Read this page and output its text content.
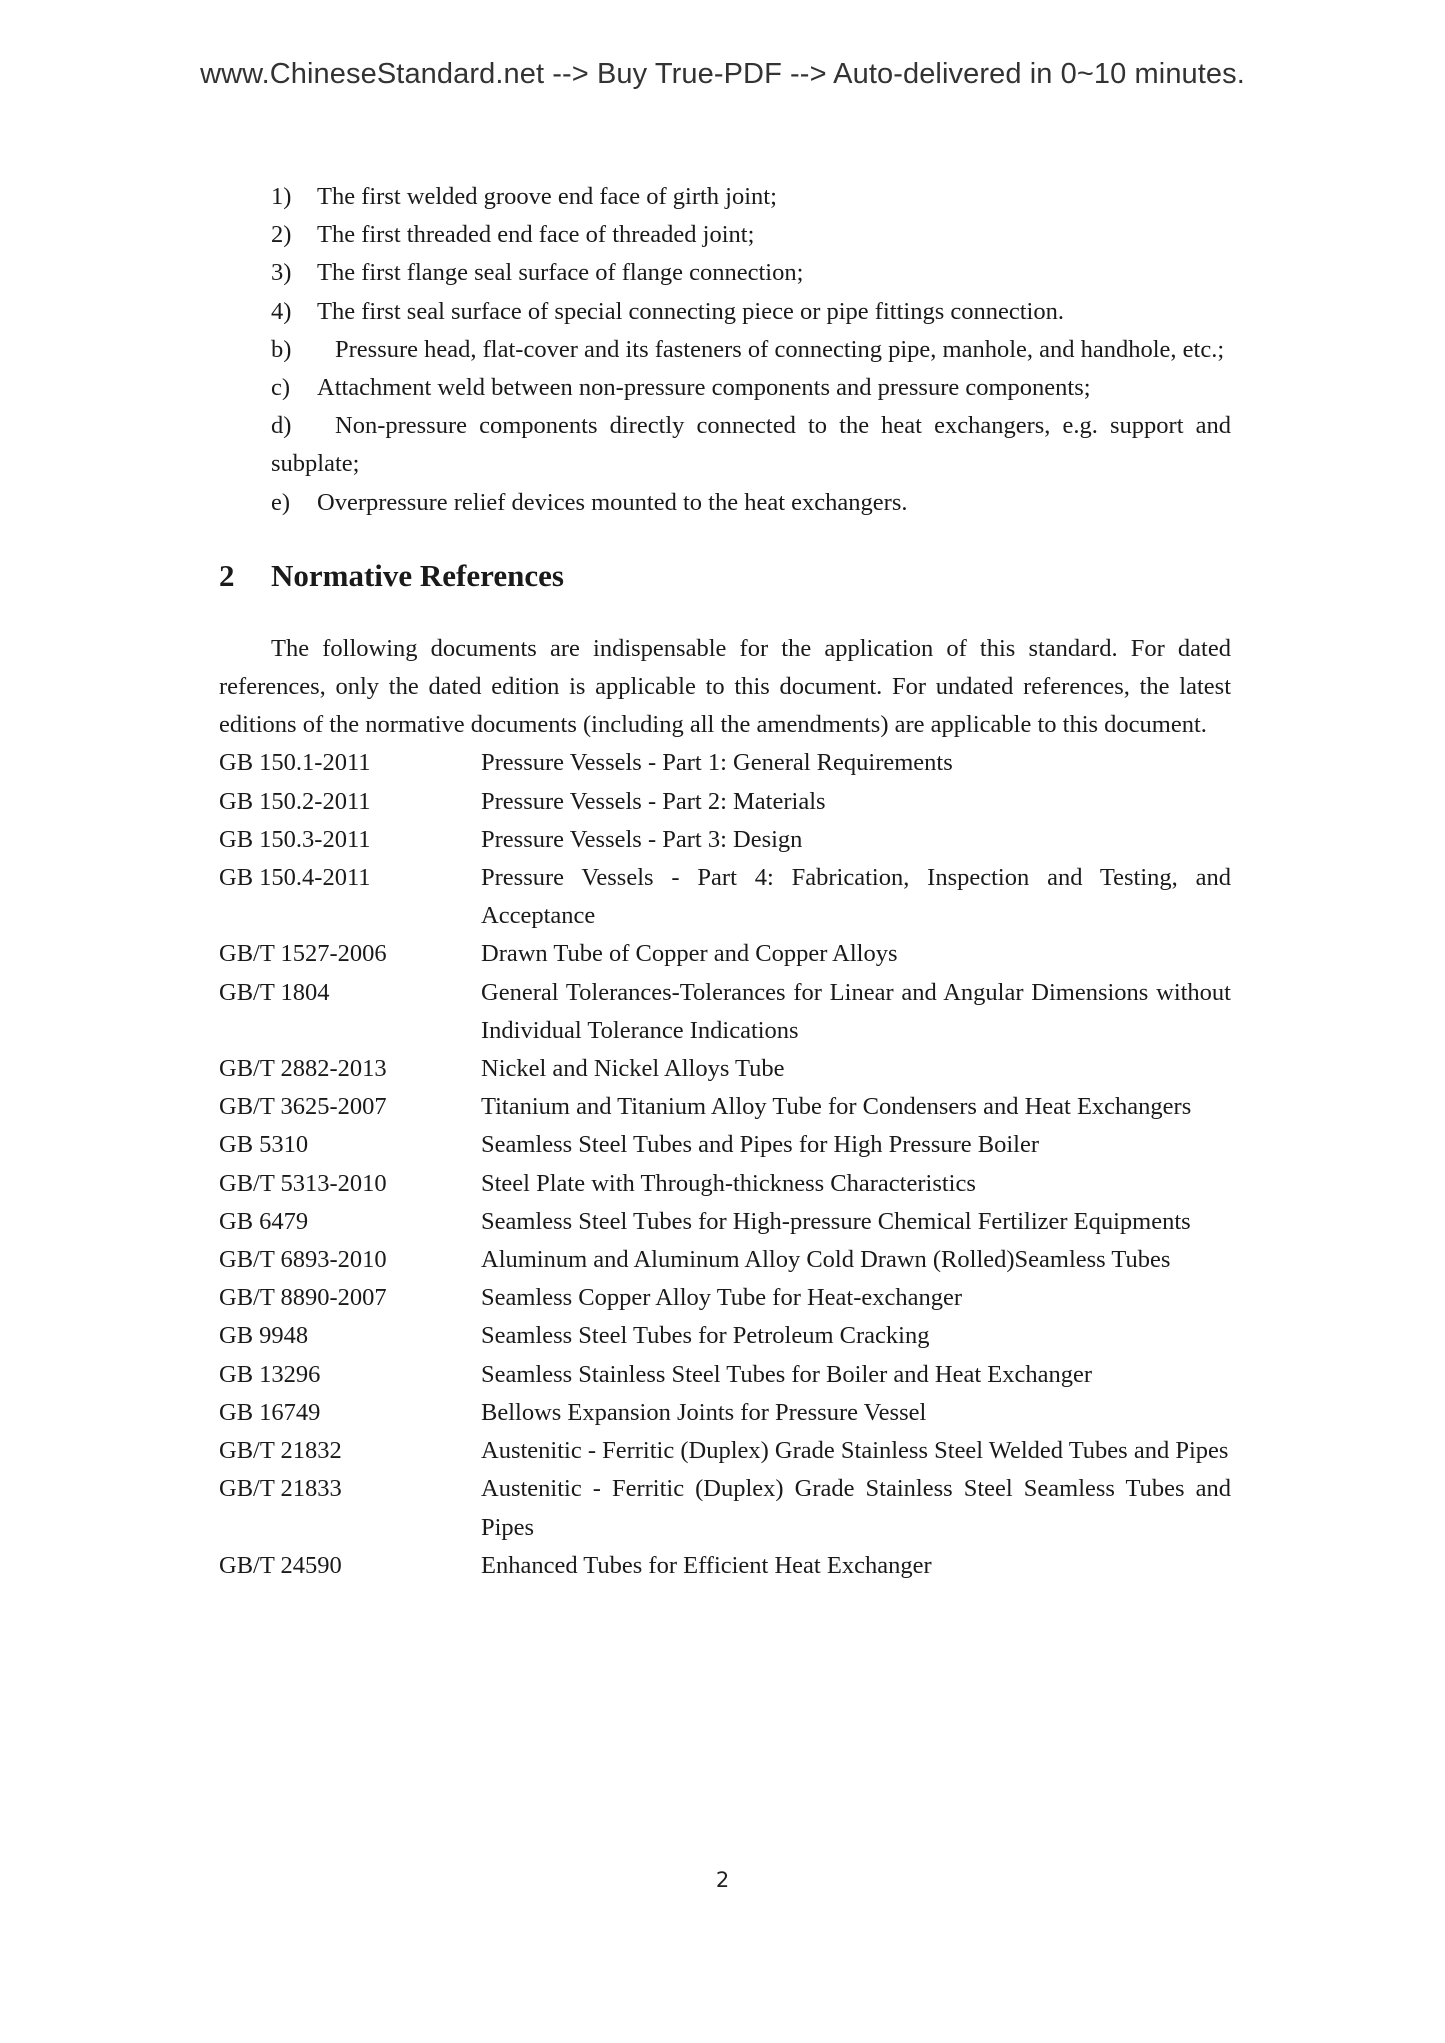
www.ChineseStandard.net --> Buy True-PDF --> Auto-delivered in 0~10 minutes.
1) The first welded groove end face of girth joint;
2) The first threaded end face of threaded joint;
3) The first flange seal surface of flange connection;
4) The first seal surface of special connecting piece or pipe fittings connection.
b) Pressure head, flat-cover and its fasteners of connecting pipe, manhole, and handhole, etc.;
c) Attachment weld between non-pressure components and pressure components;
d) Non-pressure components directly connected to the heat exchangers, e.g. support and subplate;
e) Overpressure relief devices mounted to the heat exchangers.
2 Normative References
The following documents are indispensable for the application of this standard. For dated references, only the dated edition is applicable to this document. For undated references, the latest editions of the normative documents (including all the amendments) are applicable to this document.
GB 150.1-2011	Pressure Vessels - Part 1: General Requirements
GB 150.2-2011	Pressure Vessels - Part 2: Materials
GB 150.3-2011	Pressure Vessels - Part 3: Design
GB 150.4-2011	Pressure Vessels - Part 4: Fabrication, Inspection and Testing, and Acceptance
GB/T 1527-2006	Drawn Tube of Copper and Copper Alloys
GB/T 1804	General Tolerances-Tolerances for Linear and Angular Dimensions without Individual Tolerance Indications
GB/T 2882-2013	Nickel and Nickel Alloys Tube
GB/T 3625-2007	Titanium and Titanium Alloy Tube for Condensers and Heat Exchangers
GB 5310	Seamless Steel Tubes and Pipes for High Pressure Boiler
GB/T 5313-2010	Steel Plate with Through-thickness Characteristics
GB 6479	Seamless Steel Tubes for High-pressure Chemical Fertilizer Equipments
GB/T 6893-2010	Aluminum and Aluminum Alloy Cold Drawn (Rolled)Seamless Tubes
GB/T 8890-2007	Seamless Copper Alloy Tube for Heat-exchanger
GB 9948	Seamless Steel Tubes for Petroleum Cracking
GB 13296	Seamless Stainless Steel Tubes for Boiler and Heat Exchanger
GB 16749	Bellows Expansion Joints for Pressure Vessel
GB/T 21832	Austenitic - Ferritic (Duplex) Grade Stainless Steel Welded Tubes and Pipes
GB/T 21833	Austenitic - Ferritic (Duplex) Grade Stainless Steel Seamless Tubes and Pipes
GB/T 24590	Enhanced Tubes for Efficient Heat Exchanger
2
